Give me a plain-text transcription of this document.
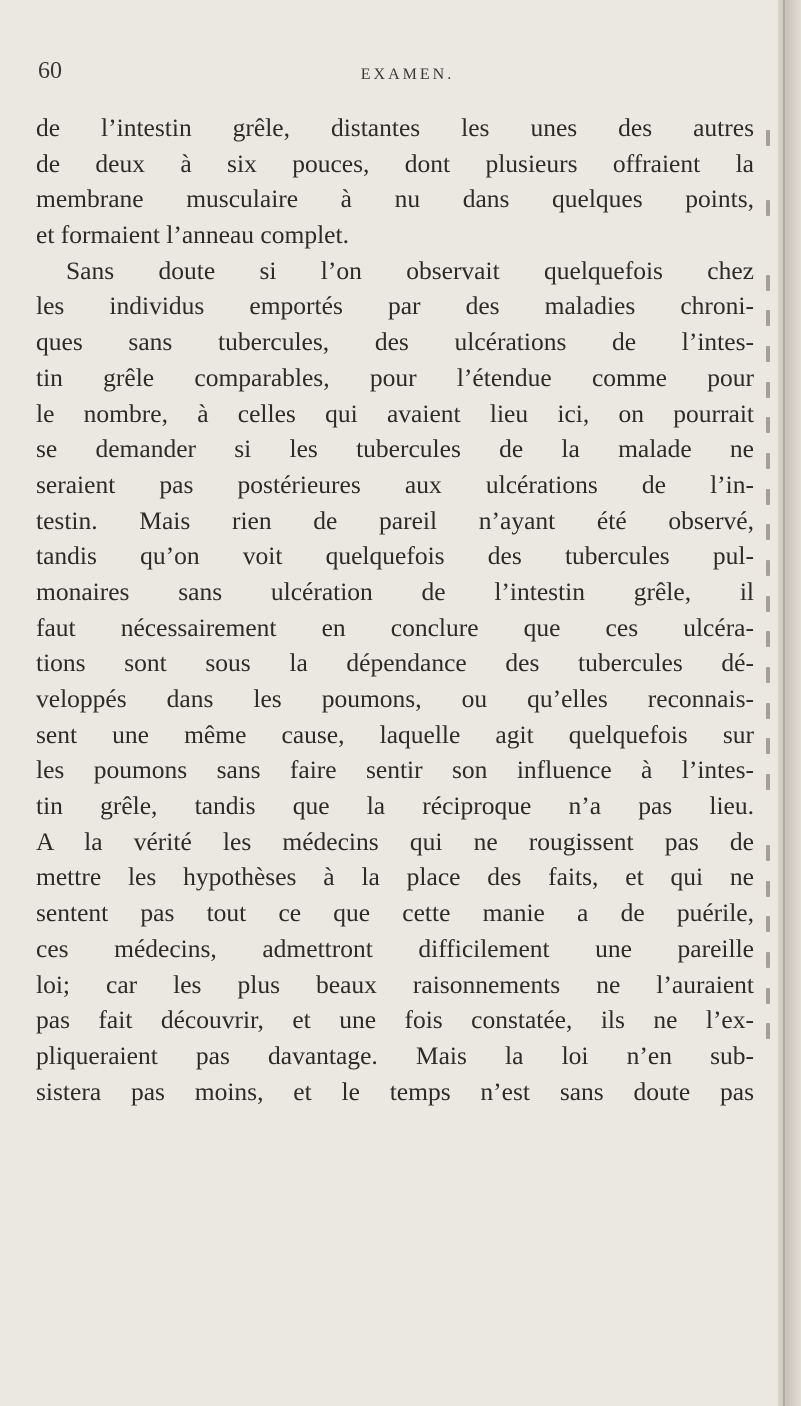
60	EXAMEN.

de l’intestin grêle, distantes les unes des autres
de deux à six pouces, dont plusieurs offraient la
membrane musculaire à nu dans quelques points,
et formaient l’anneau complet.
Sans doute si l’on observait quelquefois chez
les individus emportés par des maladies chroni-
ques sans tubercules, des ulcérations de l’intes-
tin grêle comparables, pour l’étendue comme pour
le nombre, à celles qui avaient lieu ici, on pourrait
se demander si les tubercules de la malade ne
seraient pas postérieures aux ulcérations de l’in-
testin. Mais rien de pareil n’ayant été observé,
tandis qu’on voit quelquefois des tubercules pul-
monaires sans ulcération de l’intestin grêle, il
faut nécessairement en conclure que ces ulcéra-
tions sont sous la dépendance des tubercules dé-
veloppés dans les poumons, ou qu’elles reconnais-
sent une même cause, laquelle agit quelquefois sur
les poumons sans faire sentir son influence à l’intes-
tin grêle, tandis que la réciproque n’a pas lieu.
A la vérité les médecins qui ne rougissent pas de
mettre les hypothèses à la place des faits, et qui ne
sentent pas tout ce que cette manie a de puérile,
ces médecins, admettront difficilement une pareille
loi; car les plus beaux raisonnements ne l’auraient
pas fait découvrir, et une fois constatée, ils ne l’ex-
pliqueraient pas davantage. Mais la loi n’en sub-
sistera pas moins, et le temps n’est sans doute pas
